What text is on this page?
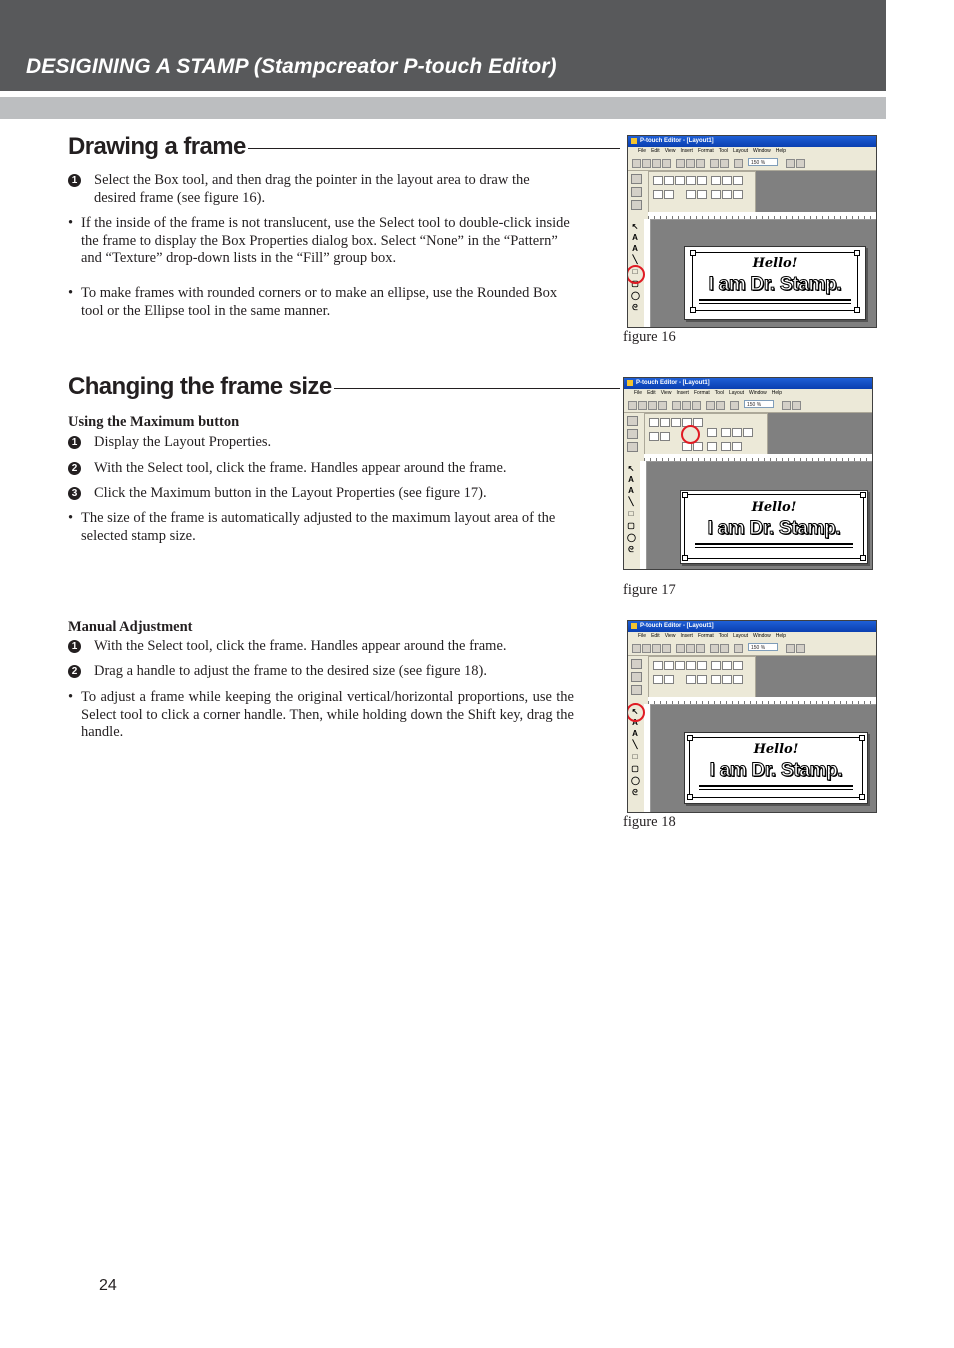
DESIGINING A STAMP (Stampcreator P-touch Editor)
Drawing a frame
1	Select the Box tool, and then drag the pointer in the layout area to draw the desired frame (see figure 16).
• If the inside of the frame is not translucent, use the Select tool to double-click inside the frame to display the Box Properties dialog box. Select “None” in the “Pattern” and “Texture” drop-down lists in the “Fill” group box.
• To make frames with rounded corners or to make an ellipse, use the Rounded Box tool or the Ellipse tool in the same manner.
Changing the frame size
Using the Maximum button
1	Display the Layout Properties.
2	With the Select tool, click the frame. Handles appear around the frame.
3	Click the Maximum button in the Layout Properties (see figure 17).
• The size of the frame is automatically adjusted to the maximum layout area of the selected stamp size.
Manual Adjustment
1	With the Select tool, click the frame. Handles appear around the frame.
2	Drag a handle to adjust the frame to the desired size (see figure 18).
• To adjust a frame while keeping the original vertical/horizontal proportions, use the Select tool to click a corner handle. Then, while holding down the Shift key, drag the handle.
P-touch Editor - [Layout1]
File Edit View Insert Format Tool Layout Window Help
150 %
↖
A
A
╲
□
▢
◯
ᘓ
Hello!
I am Dr. Stamp.
figure 16
P-touch Editor - [Layout1]
File Edit View Insert Format Tool Layout Window Help
150 %
↖
A
A
╲
□
▢
◯
ᘓ
Hello!
I am Dr. Stamp.
figure 17
P-touch Editor - [Layout1]
File Edit View Insert Format Tool Layout Window Help
150 %
↖
A
A
╲
□
▢
◯
ᘓ
Hello!
I am Dr. Stamp.
figure 18
24
